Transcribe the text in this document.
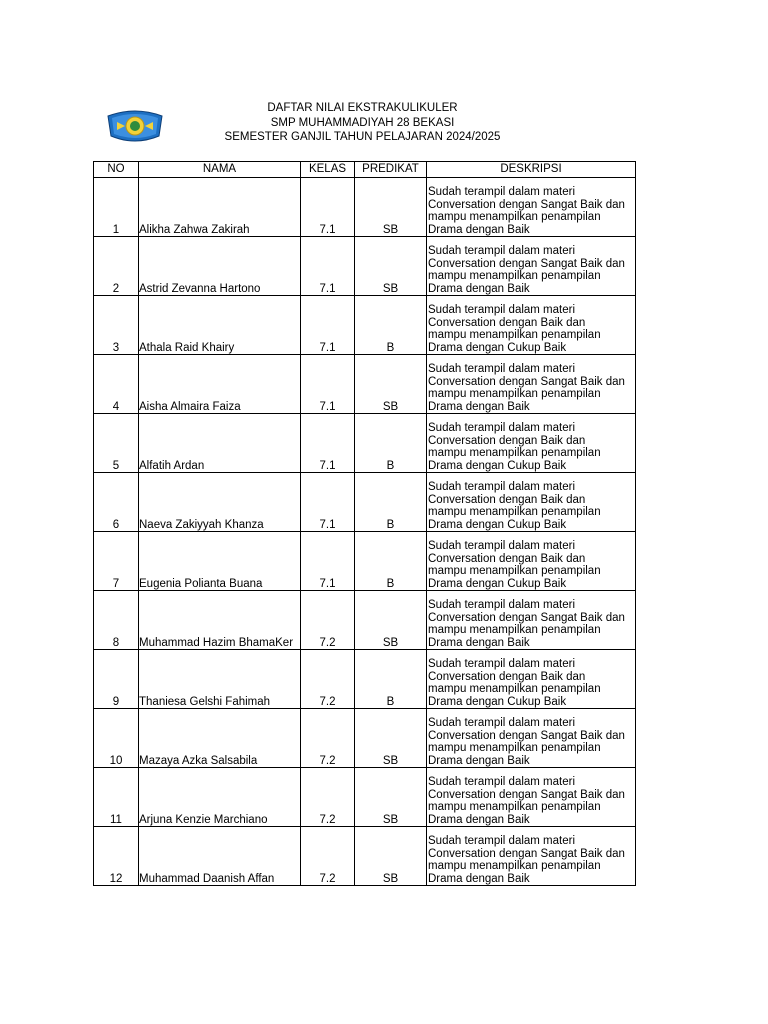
DAFTAR NILAI EKSTRAKULIKULER
SMP MUHAMMADIYAH 28 BEKASI
SEMESTER GANJIL TAHUN PELAJARAN 2024/2025
NO	NAMA	KELAS	PREDIKAT	DESKRIPSI
1	Alikha Zahwa Zakirah	7.1	SB	Sudah terampil dalam materi
Conversation dengan Sangat Baik dan
mampu menampilkan penampilan
Drama dengan Baik

2	Astrid Zevanna Hartono	7.1	SB	Sudah terampil dalam materi
Conversation dengan Sangat Baik dan
mampu menampilkan penampilan
Drama dengan Baik

3	Athala Raid Khairy	7.1	B	Sudah terampil dalam materi
Conversation dengan Baik dan
mampu menampilkan penampilan
Drama dengan Cukup Baik

4	Aisha Almaira Faiza	7.1	SB	Sudah terampil dalam materi
Conversation dengan Sangat Baik dan
mampu menampilkan penampilan
Drama dengan Baik

5	Alfatih Ardan	7.1	B	Sudah terampil dalam materi
Conversation dengan Baik dan
mampu menampilkan penampilan
Drama dengan Cukup Baik

6	Naeva Zakiyyah Khanza	7.1	B	Sudah terampil dalam materi
Conversation dengan Baik dan
mampu menampilkan penampilan
Drama dengan Cukup Baik

7	Eugenia Polianta Buana	7.1	B	Sudah terampil dalam materi
Conversation dengan Baik dan
mampu menampilkan penampilan
Drama dengan Cukup Baik

8	Muhammad Hazim BhamaKer	7.2	SB	Sudah terampil dalam materi
Conversation dengan Sangat Baik dan
mampu menampilkan penampilan
Drama dengan Baik

9	Thaniesa Gelshi Fahimah	7.2	B	Sudah terampil dalam materi
Conversation dengan Baik dan
mampu menampilkan penampilan
Drama dengan Cukup Baik

10	Mazaya Azka Salsabila	7.2	SB	Sudah terampil dalam materi
Conversation dengan Sangat Baik dan
mampu menampilkan penampilan
Drama dengan Baik

11	Arjuna Kenzie Marchiano	7.2	SB	Sudah terampil dalam materi
Conversation dengan Sangat Baik dan
mampu menampilkan penampilan
Drama dengan Baik

12	Muhammad Daanish Affan	7.2	SB	Sudah terampil dalam materi
Conversation dengan Sangat Baik dan
mampu menampilkan penampilan
Drama dengan Baik
